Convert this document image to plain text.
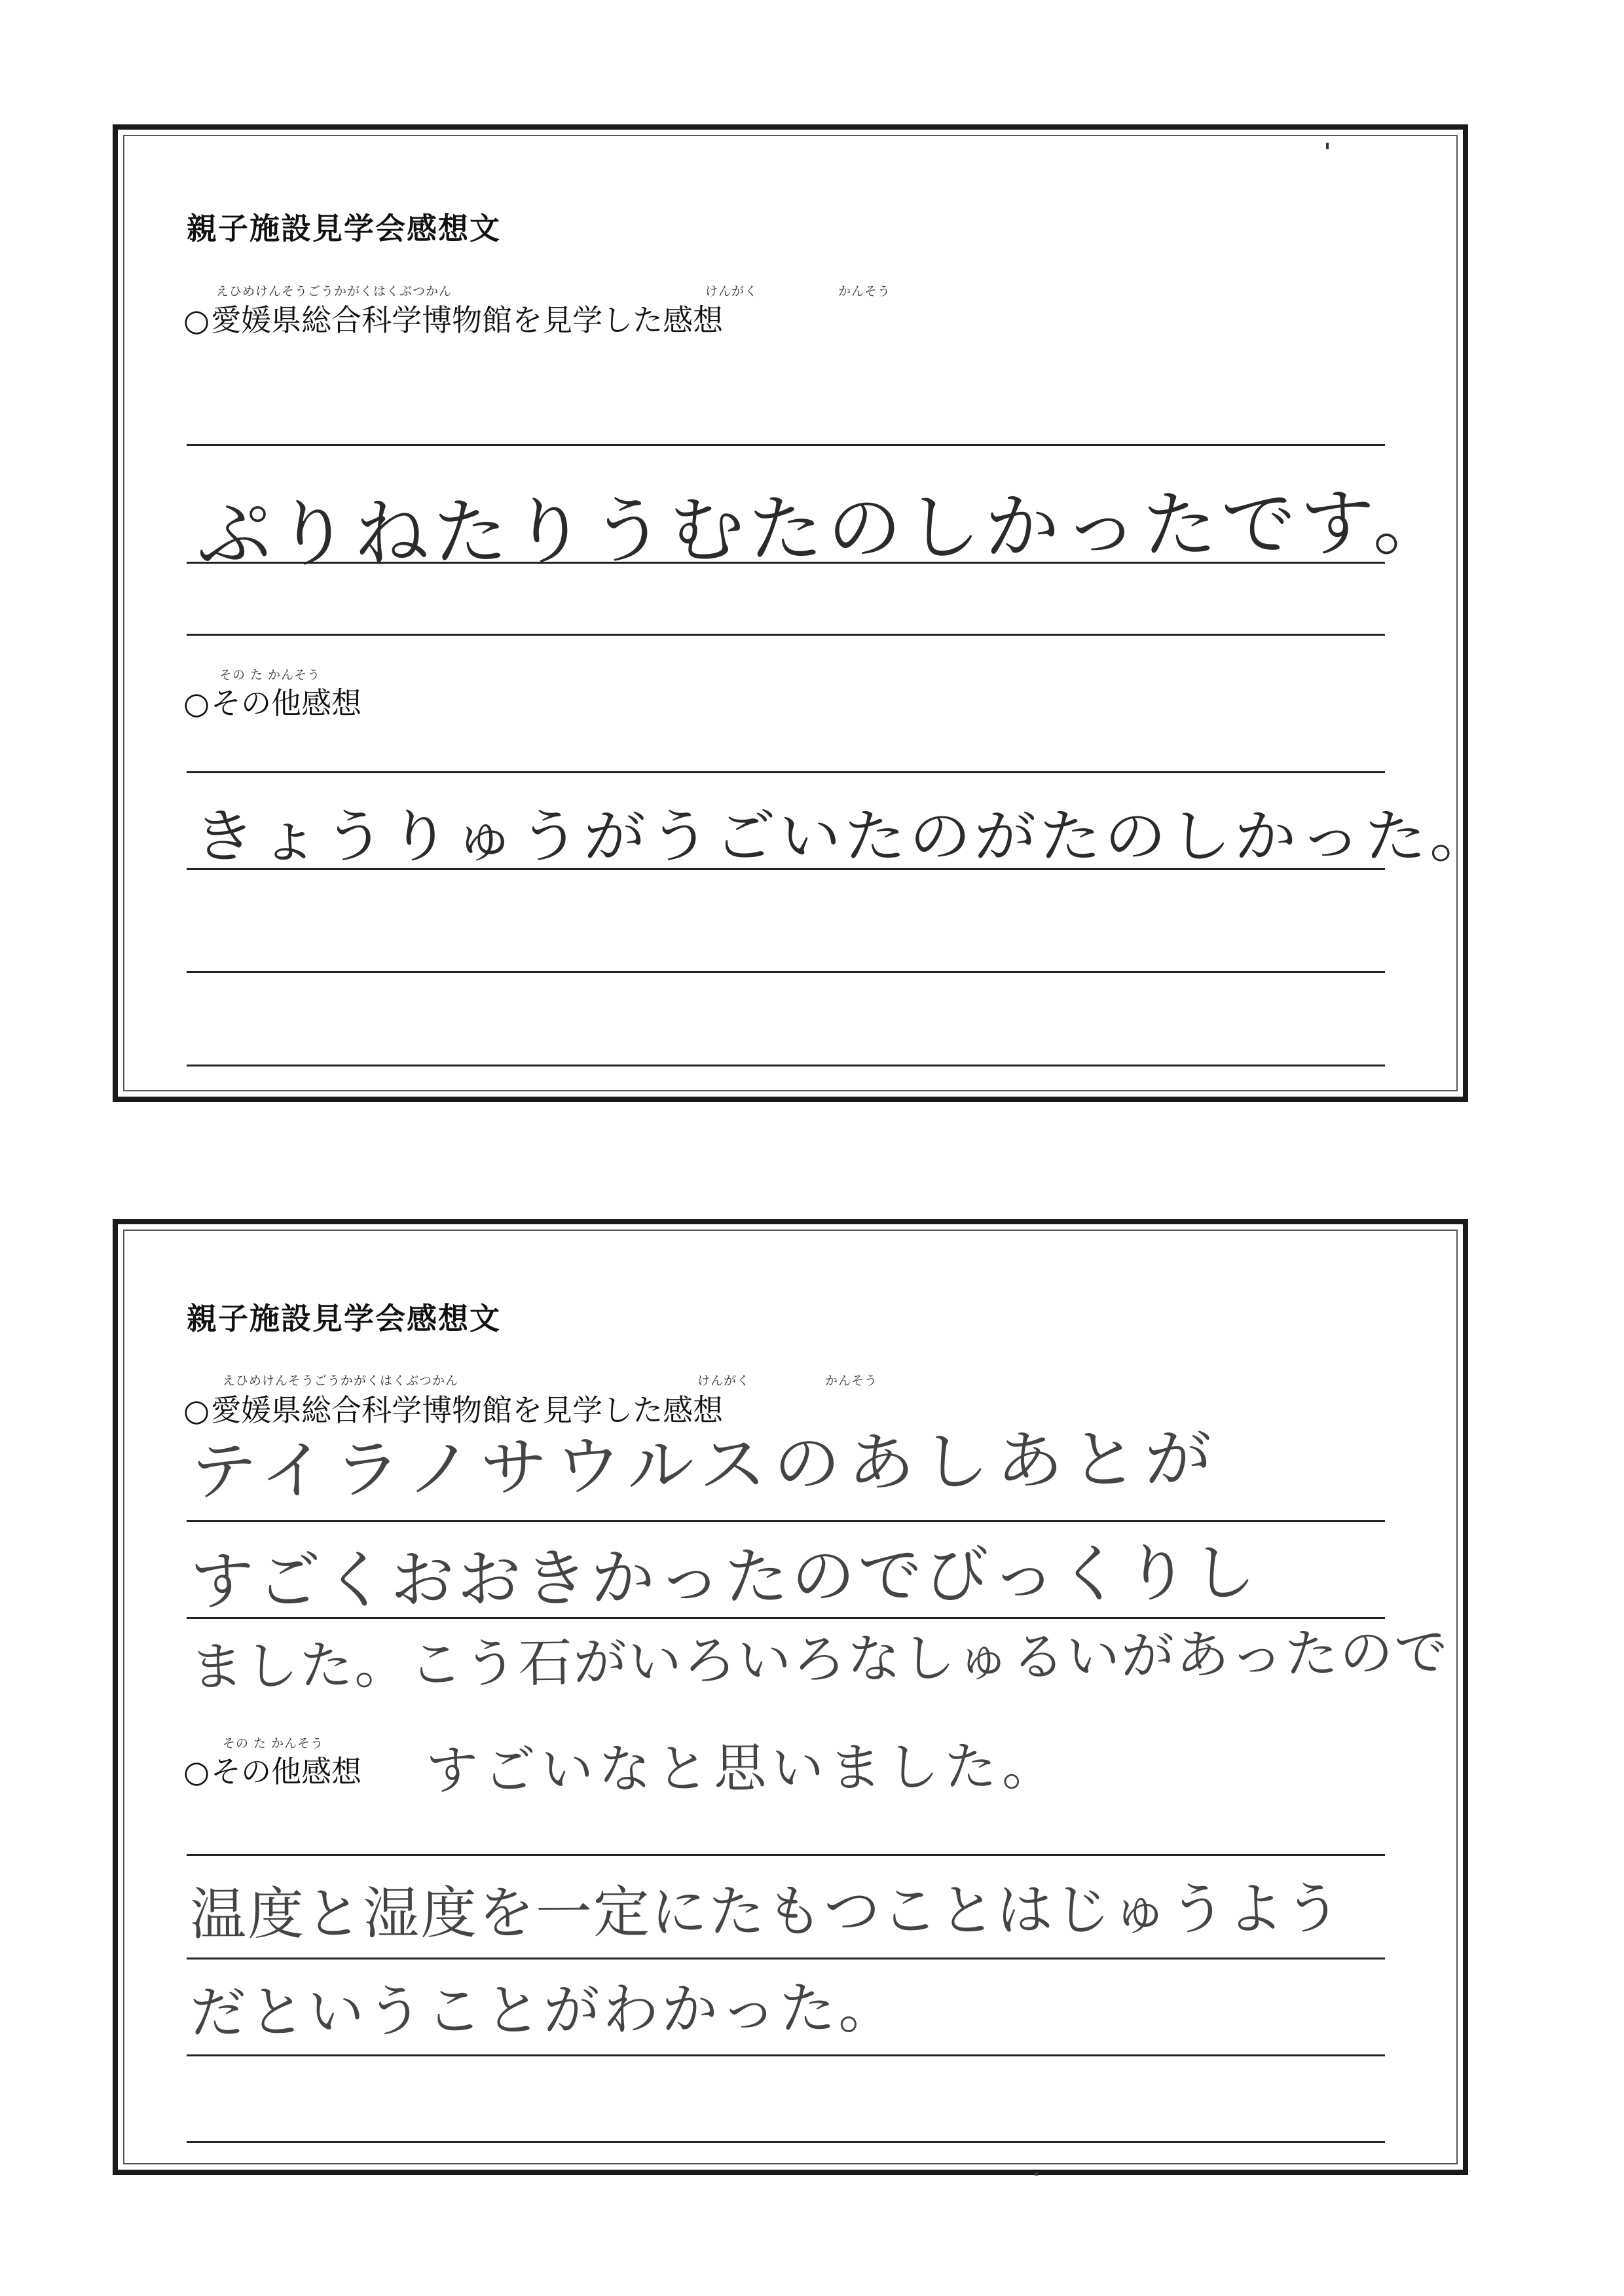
親子施設見学会感想文
えひめけんそうごうかがくはくぶつかん	けんがく	かんそう
○愛媛県総合科学博物館を見学した感想
ぷりねたりうむたのしかったです。
その た かんそう
○その他感想
きょうりゅうがうごいたのがたのしかった。
親子施設見学会感想文
えひめけんそうごうかがくはくぶつかん	けんがく	かんそう
○愛媛県総合科学博物館を見学した感想
テイラノサウルスのあしあとが
すごくおおきかったのでびっくりし
ました。こう石がいろいろなしゅるいがあったので
その た かんそう
○その他感想 すごいなと思いました。
温度と湿度を一定にたもつことはじゅうよう
だということがわかった。
